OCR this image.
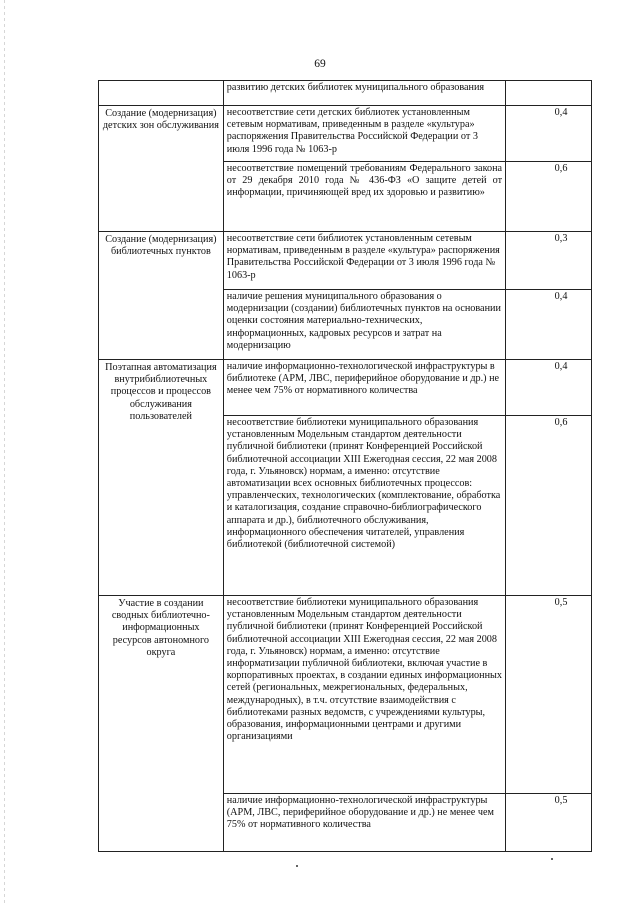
69
	развитию детских библиотек муниципального образования	
Создание (модернизация) детских зон обслуживания	несоответствие сети детских библиотек установленным сетевым нормативам, приведенным в разделе «культура» распоряжения Правительства Российской Федерации от 3 июля 1996 года № 1063-р	0,4
	несоответствие помещений требованиям Федерального закона от 29 декабря 2010 года № 436-ФЗ «О защите детей от информации, причиняющей вред их здоровью и развитию»	0,6
Создание (модернизация) библиотечных пунктов	несоответствие сети библиотек установленным сетевым нормативам, приведенным в разделе «культура» распоряжения Правительства Российской Федерации от 3 июля 1996 года № 1063-р	0,3
	наличие решения муниципального образования о модернизации (создании) библиотечных пунктов на основании оценки состояния материально-технических, информационных, кадровых ресурсов и затрат на модернизацию	0,4
Поэтапная автоматизация внутрибиблиотечных процессов и процессов обслуживания пользователей	наличие информационно-технологической инфраструктуры в библиотеке (АРМ, ЛВС, периферийное оборудование и др.) не менее чем 75% от нормативного количества	0,4
	несоответствие библиотеки муниципального образования установленным Модельным стандартом деятельности публичной библиотеки (принят Конференцией Российской библиотечной ассоциации XIII Ежегодная сессия, 22 мая 2008 года, г. Ульяновск) нормам, а именно: отсутствие автоматизации всех основных библиотечных процессов: управленческих, технологических (комплектование, обработка и каталогизация, создание справочно-библиографического аппарата и др.), библиотечного обслуживания, информационного обеспечения читателей, управления библиотекой (библиотечной системой)	0,6
Участие в создании сводных библиотечно-информационных ресурсов автономного округа	несоответствие библиотеки муниципального образования установленным Модельным стандартом деятельности публичной библиотеки (принят Конференцией Российской библиотечной ассоциации XIII Ежегодная сессия, 22 мая 2008 года, г. Ульяновск) нормам, а именно: отсутствие информатизации публичной библиотеки, включая участие в корпоративных проектах, в создании единых информационных сетей (региональных, межрегиональных, федеральных, международных), в т.ч. отсутствие взаимодействия с библиотеками разных ведомств, с учреждениями культуры, образования, информационными центрами и другими организациями	0,5
	наличие информационно-технологической инфраструктуры (АРМ, ЛВС, периферийное оборудование и др.) не менее чем 75% от нормативного количества	0,5
